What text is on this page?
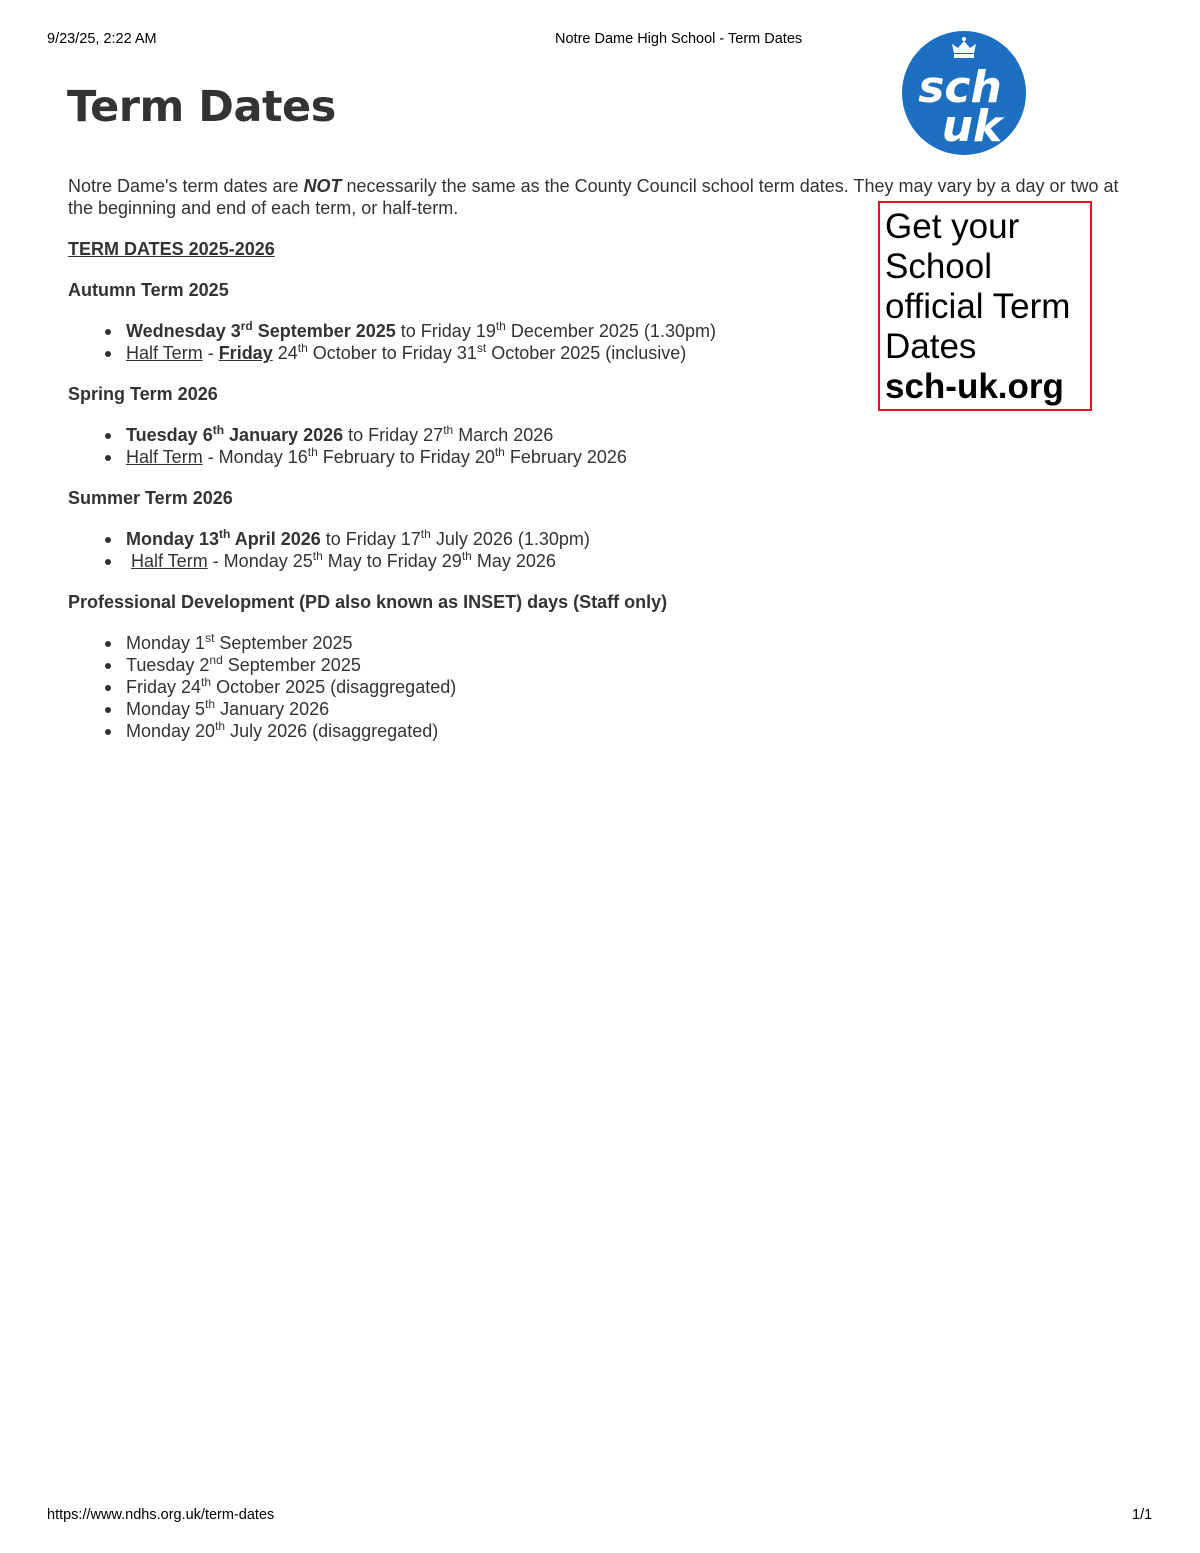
9/23/25, 2:22 AM	Notre Dame High School - Term Dates
sch
uk
Term Dates

Notre Dame's term dates are NOT necessarily the same as the County Council school term dates. They may vary by a day or two at the beginning and end of each term, or half-term.

TERM DATES 2025-2026

Autumn Term 2025

Wednesday 3rd September 2025 to Friday 19th December 2025 (1.30pm)
Half Term - Friday 24th October to Friday 31st October 2025 (inclusive)

Spring Term 2026

Tuesday 6th January 2026 to Friday 27th March 2026
Half Term - Monday 16th February to Friday 20th February 2026

Summer Term 2026

Monday 13th April 2026 to Friday 17th July 2026 (1.30pm)
Half Term - Monday 25th May to Friday 29th May 2026

Professional Development (PD also known as INSET) days (Staff only)

Monday 1st September 2025
Tuesday 2nd September 2025
Friday 24th October 2025 (disaggregated)
Monday 5th January 2026
Monday 20th July 2026 (disaggregated)
Get your School official Term Dates
sch-uk.org
https://www.ndhs.org.uk/term-dates	1/1
